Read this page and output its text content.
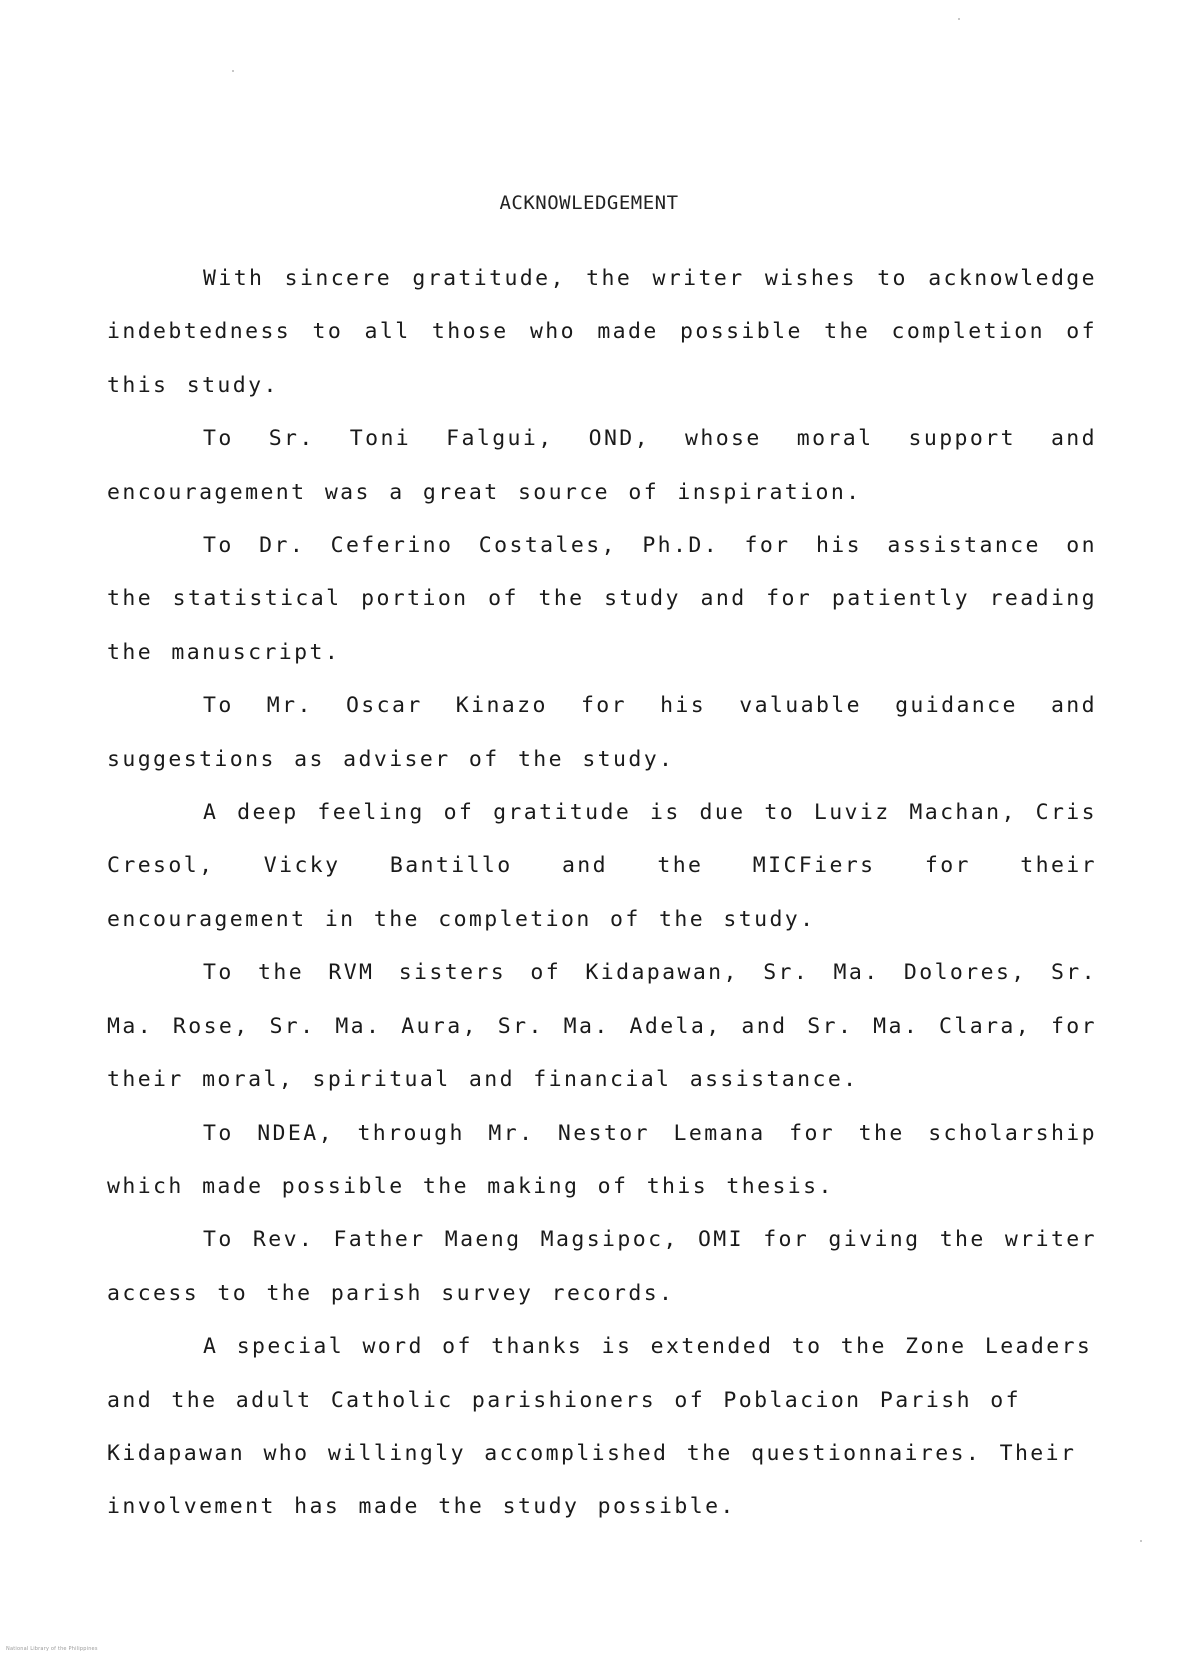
ACKNOWLEDGEMENT

With sincere gratitude, the writer wishes to acknowledge indebtedness to all those who made possible the completion of this study.

To Sr. Toni Falgui, OND, whose moral support and encouragement was a great source of inspiration.

To Dr. Ceferino Costales, Ph.D. for his assistance on the statistical portion of the study and for patiently reading the manuscript.

To Mr. Oscar Kinazo for his valuable guidance and suggestions as adviser of the study.

A deep feeling of gratitude is due to Luviz Machan, Cris Cresol, Vicky Bantillo and the MICFiers for their encouragement in the completion of the study.

To the RVM sisters of Kidapawan, Sr. Ma. Dolores, Sr. Ma. Rose, Sr. Ma. Aura, Sr. Ma. Adela, and Sr. Ma. Clara, for their moral, spiritual and financial assistance.

To NDEA, through Mr. Nestor Lemana for the scholarship which made possible the making of this thesis.

To Rev. Father Maeng Magsipoc, OMI for giving the writer access to the parish survey records.

A special word of thanks is extended to the Zone Leaders and the adult Catholic parishioners of Poblacion Parish of Kidapawan who willingly accomplished the questionnaires. Their involvement has made the study possible.

National Library of the Philippines
